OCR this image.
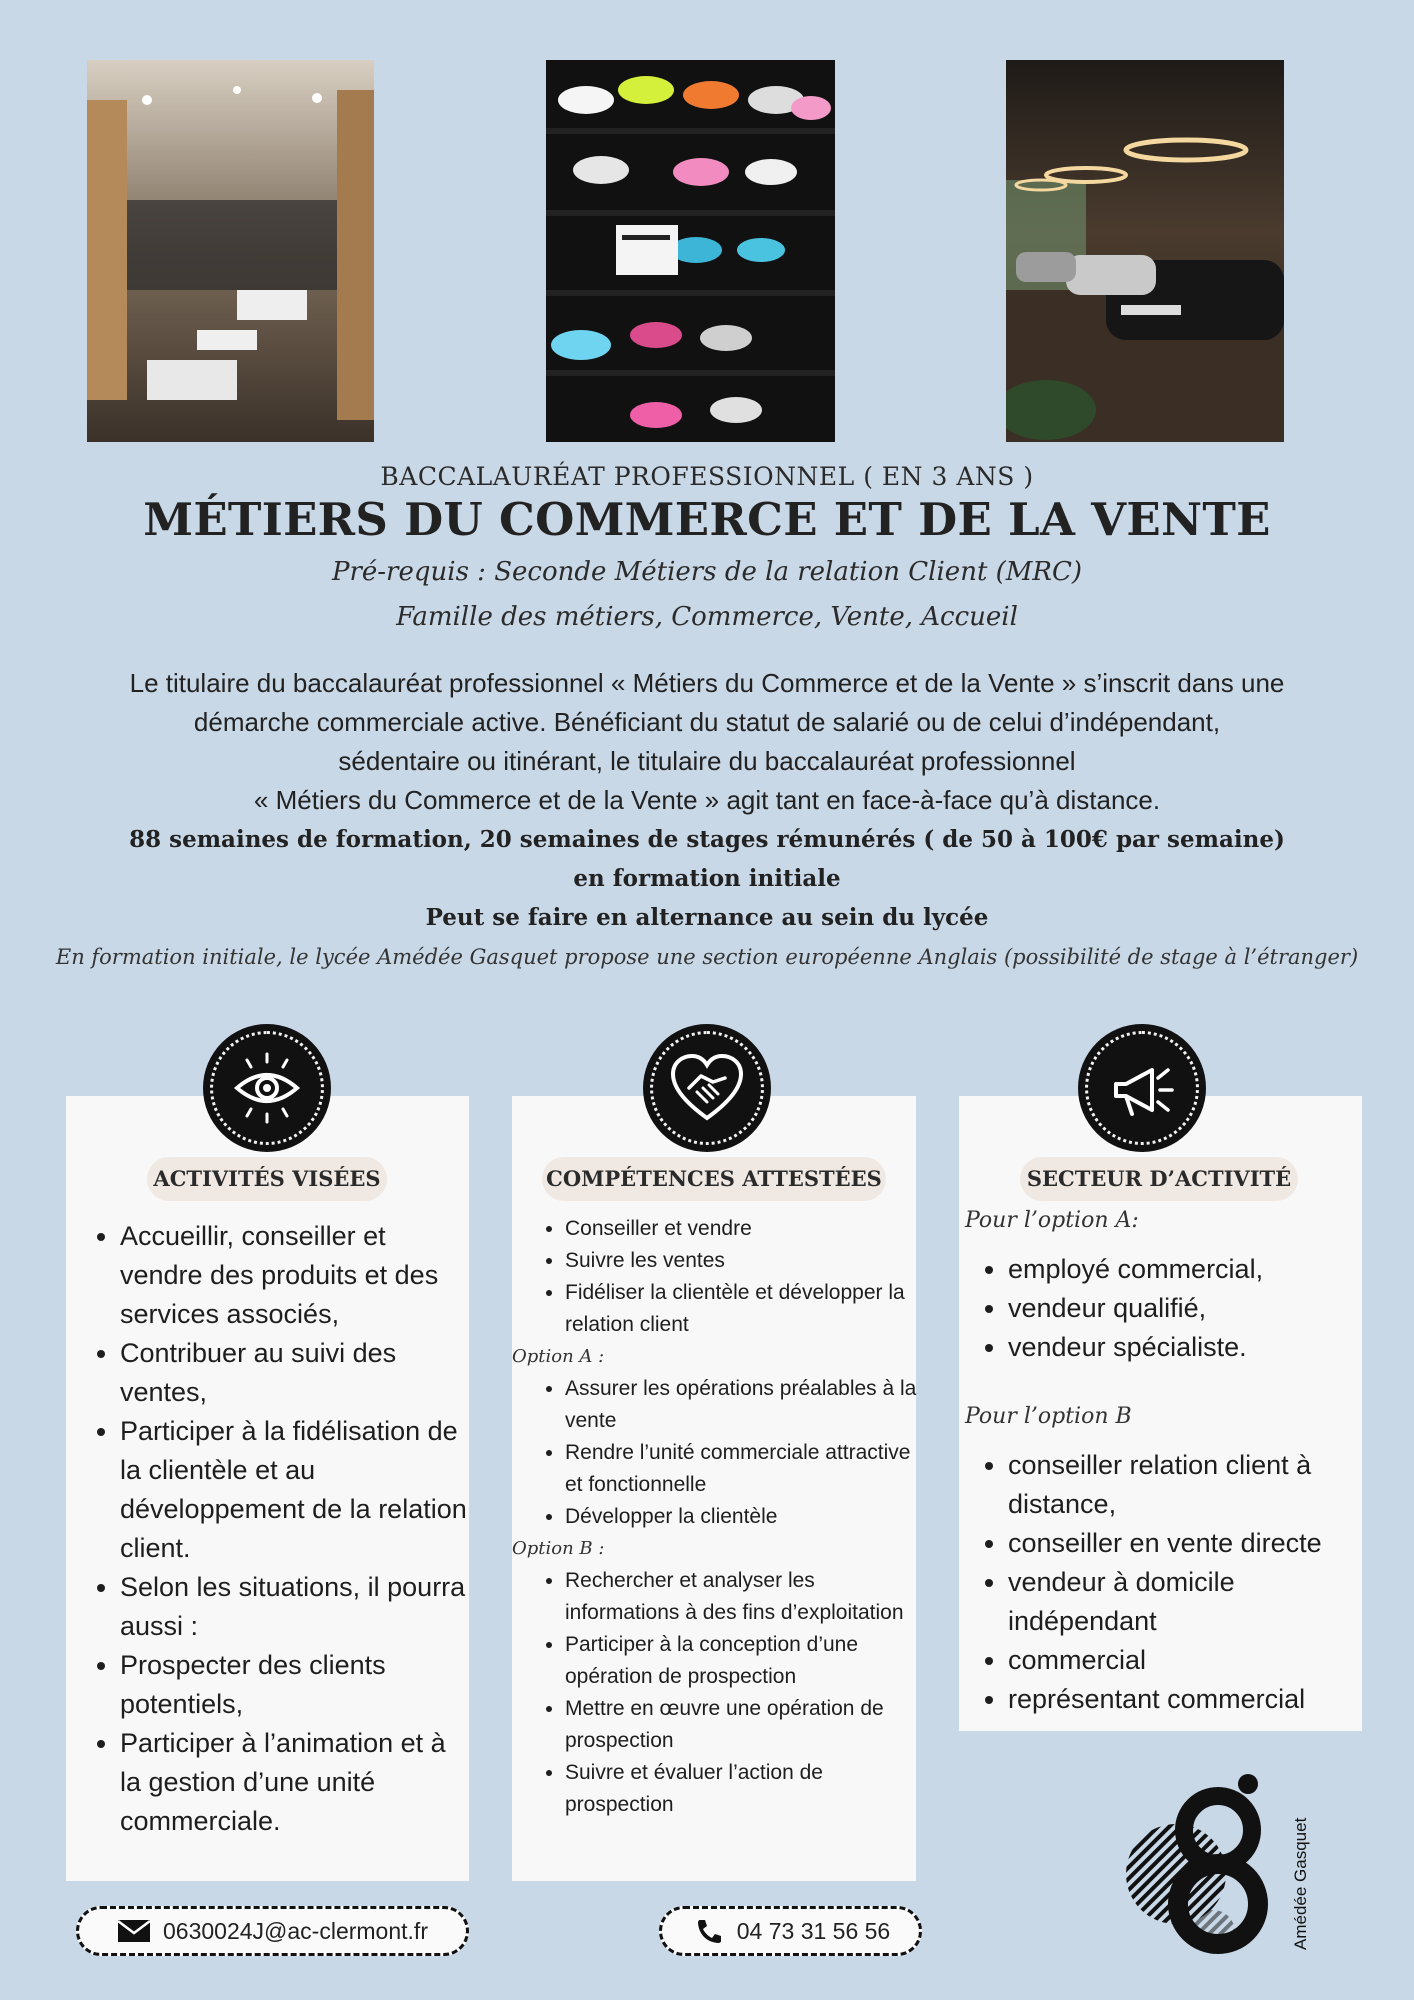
BACCALAURÉAT PROFESSIONNEL ( EN 3 ANS )
MÉTIERS DU COMMERCE ET DE LA VENTE
Pré-requis : Seconde Métiers de la relation Client (MRC)
Famille des métiers, Commerce, Vente, Accueil
Le titulaire du baccalauréat professionnel « Métiers du Commerce et de la Vente » s’inscrit dans une
démarche commerciale active. Bénéficiant du statut de salarié ou de celui d’indépendant,
sédentaire ou itinérant, le titulaire du baccalauréat professionnel
« Métiers du Commerce et de la Vente » agit tant en face-à-face qu’à distance.
88 semaines de formation, 20 semaines de stages rémunérés ( de 50 à 100€ par semaine)
en formation initiale
Peut se faire en alternance au sein du lycée
En formation initiale, le lycée Amédée Gasquet propose une section européenne Anglais (possibilité de stage à l’étranger)
ACTIVITÉS VISÉES	COMPÉTENCES ATTESTÉES	SECTEUR D’ACTIVITÉ
• Accueillir, conseiller et vendre des produits et des services associés,
• Contribuer au suivi des ventes,
• Participer à la fidélisation de la clientèle et au développement de la relation client.
• Selon les situations, il pourra aussi :
• Prospecter des clients potentiels,
• Participer à l’animation et à la gestion d’une unité commerciale.
• Conseiller et vendre
• Suivre les ventes
• Fidéliser la clientèle et développer la relation client
Option A :
• Assurer les opérations préalables à la vente
• Rendre l’unité commerciale attractive et fonctionnelle
• Développer la clientèle
Option B :
• Rechercher et analyser les informations à des fins d’exploitation
• Participer à la conception d’une opération de prospection
• Mettre en œuvre une opération de prospection
• Suivre et évaluer l’action de prospection
Pour l’option A:
• employé commercial,
• vendeur qualifié,
• vendeur spécialiste.
Pour l’option B
• conseiller relation client à distance,
• conseiller en vente directe
• vendeur à domicile indépendant
• commercial
• représentant commercial
0630024J@ac-clermont.fr	04 73 31 56 56	Amédée Gasquet
